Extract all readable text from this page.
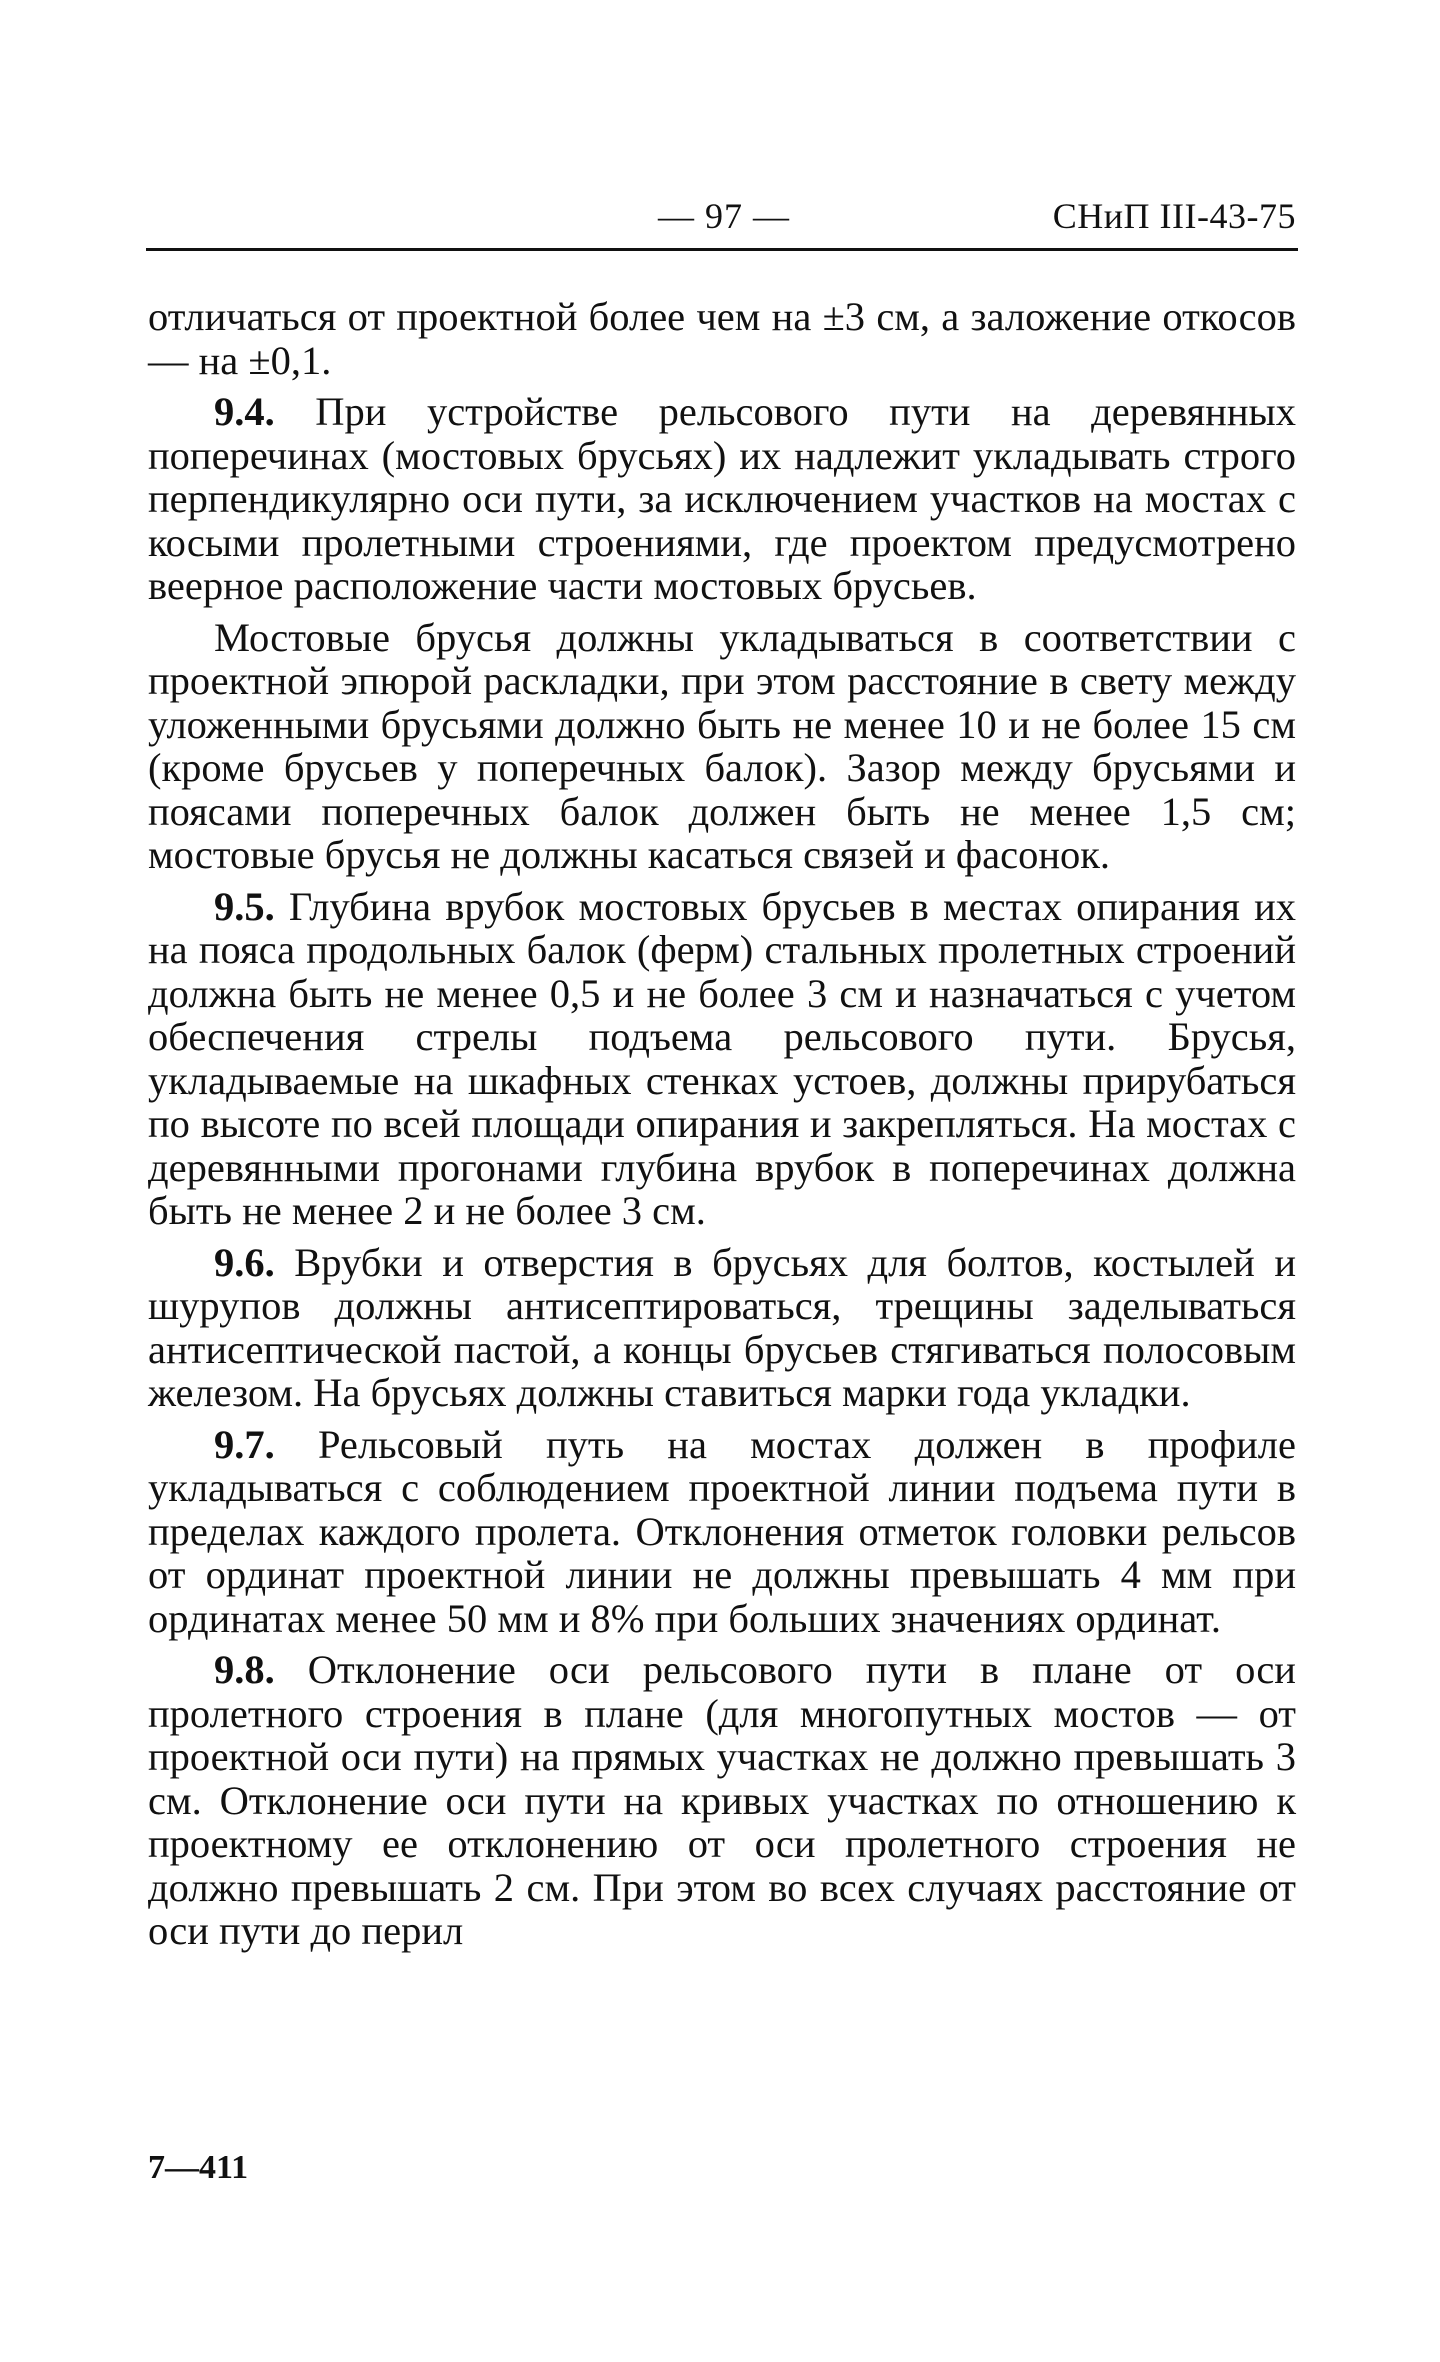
— 97 —	СНиП III-43-75

отличаться от проектной более чем на ±3 см, а заложение откосов — на ±0,1.

9.4. При устройстве рельсового пути на деревянных поперечинах (мостовых брусьях) их надлежит укладывать строго перпендикулярно оси пути, за исключением участков на мостах с косыми пролетными строениями, где проектом предусмотрено веерное расположение части мостовых брусьев.

Мостовые брусья должны укладываться в соответствии с проектной эпюрой раскладки, при этом расстояние в свету между уложенными брусьями должно быть не менее 10 и не более 15 см (кроме брусьев у поперечных балок). Зазор между брусьями и поясами поперечных балок должен быть не менее 1,5 см; мостовые брусья не должны касаться связей и фасонок.

9.5. Глубина врубок мостовых брусьев в местах опирания их на пояса продольных балок (ферм) стальных пролетных строений должна быть не менее 0,5 и не более 3 см и назначаться с учетом обеспечения стрелы подъема рельсового пути. Брусья, укладываемые на шкафных стенках устоев, должны прирубаться по высоте по всей площади опирания и закрепляться. На мостах с деревянными прогонами глубина врубок в поперечинах должна быть не менее 2 и не более 3 см.

9.6. Врубки и отверстия в брусьях для болтов, костылей и шурупов должны антисептироваться, трещины заделываться антисептической пастой, а концы брусьев стягиваться полосовым железом. На брусьях должны ставиться марки года укладки.

9.7. Рельсовый путь на мостах должен в профиле укладываться с соблюдением проектной линии подъема пути в пределах каждого пролета. Отклонения отметок головки рельсов от ординат проектной линии не должны превышать 4 мм при ординатах менее 50 мм и 8% при больших значениях ординат.

9.8. Отклонение оси рельсового пути в плане от оси пролетного строения в плане (для многопутных мостов — от проектной оси пути) на прямых участках не должно превышать 3 см. Отклонение оси пути на кривых участках по отношению к проектному ее отклонению от оси пролетного строения не должно превышать 2 см. При этом во всех случаях расстояние от оси пути до перил

7—411
